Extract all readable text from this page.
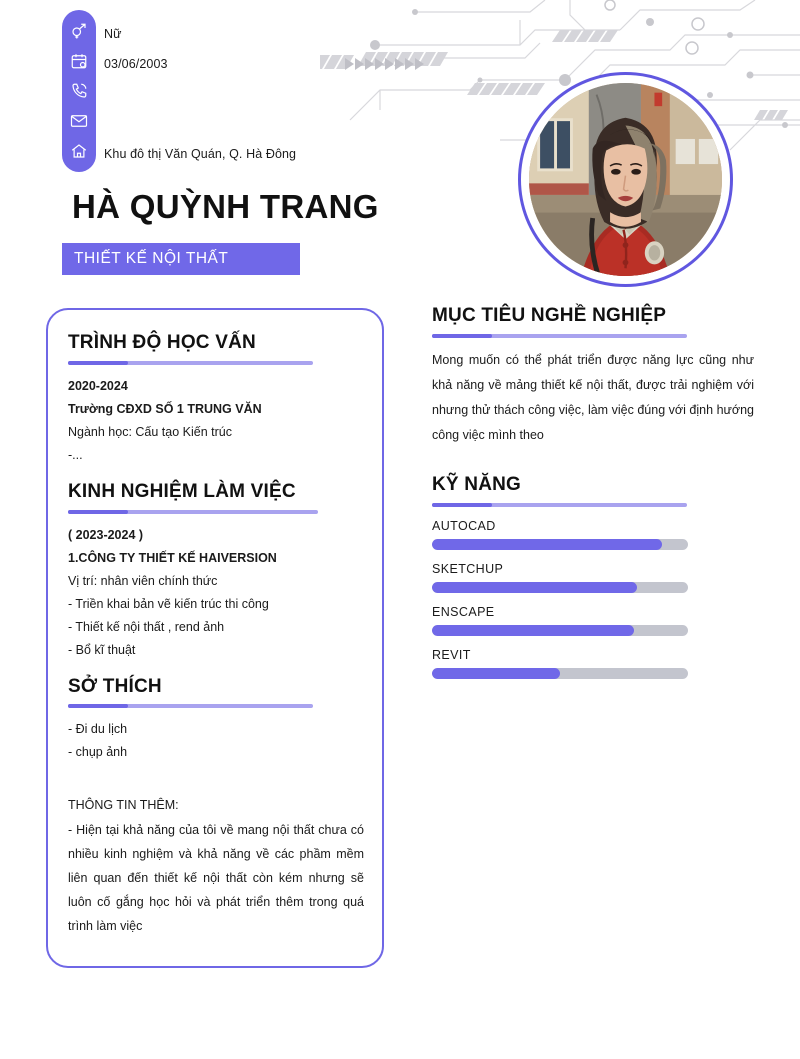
Nữ
03/06/2003
Khu đô thị Văn Quán, Q. Hà Đông
HÀ QUỲNH TRANG
THIẾT KẾ NỘI THẤT
TRÌNH ĐỘ HỌC VẤN
2020-2024
Trường CĐXD SỐ 1 TRUNG VĂN
Ngành học: Cấu tạo Kiến trúc
-...
KINH NGHIỆM LÀM VIỆC
( 2023-2024 )
1.CÔNG TY THIẾT KẾ HAIVERSION
Vị trí: nhân viên chính thức
- Triền khai bản vẽ kiến trúc thi công
- Thiết kế nội thất , rend ảnh
- Bổ kĩ thuật
SỞ THÍCH
- Đi du lịch
- chụp ảnh
THÔNG TIN THÊM:
- Hiện tại khả năng của tôi về mang nội thất chưa có nhiều kinh nghiệm và khả năng về các phầm mềm liên quan đến thiết kế nội thất còn kém nhưng sẽ luôn cố gắng học hỏi và phát triển thêm trong quá trình làm việc
MỤC TIÊU NGHỀ NGHIỆP
Mong muốn có thể phát triển được năng lực cũng như khả năng về mảng thiết kế nội thất, được trải nghiệm với nhưng thử thách công việc, làm việc đúng với định hướng công việc mình theo
KỸ NĂNG
AUTOCAD
SKETCHUP
ENSCAPE
REVIT
